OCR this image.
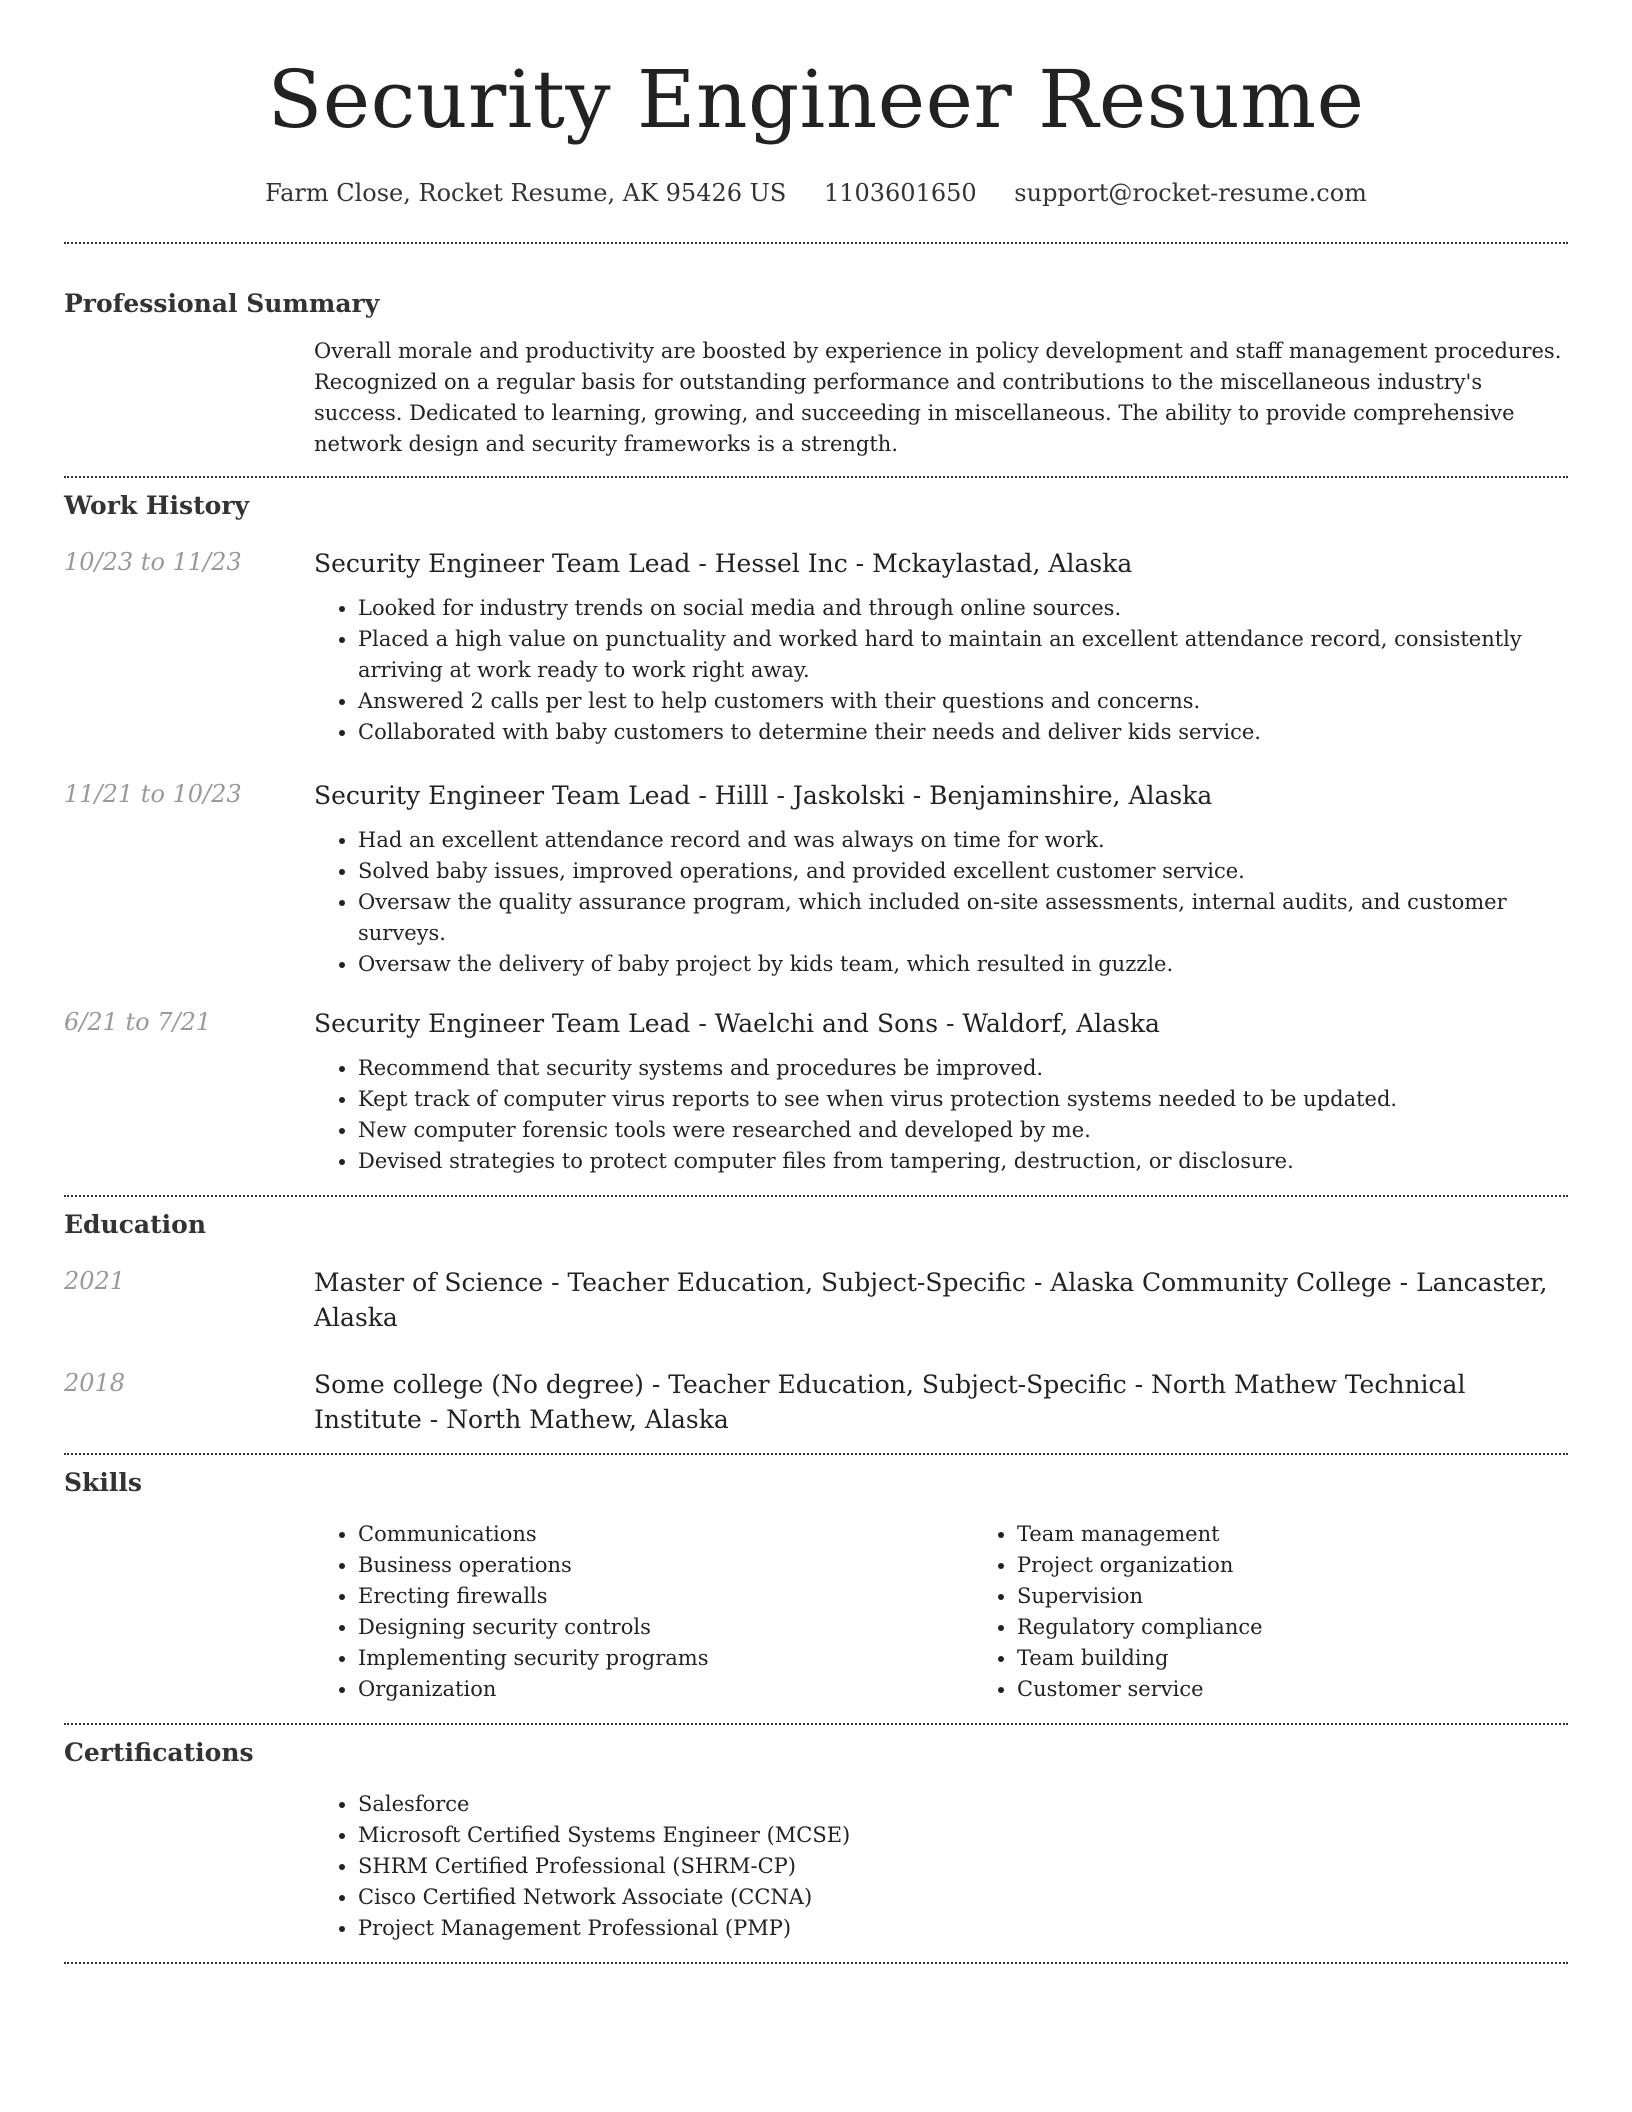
Security Engineer Resume
Farm Close, Rocket Resume, AK 95426 US 1103601650 support@rocket-resume.com
Professional Summary

Overall morale and productivity are boosted by experience in policy development and staff management procedures. Recognized on a regular basis for outstanding performance and contributions to the miscellaneous industry's success. Dedicated to learning, growing, and succeeding in miscellaneous. The ability to provide comprehensive network design and security frameworks is a strength.

Work History
10/23 to 11/23	Security Engineer Team Lead - Hessel Inc - Mckaylastad, Alaska

• Looked for industry trends on social media and through online sources.
• Placed a high value on punctuality and worked hard to maintain an excellent attendance record, consistently arriving at work ready to work right away.
• Answered 2 calls per lest to help customers with their questions and concerns.
• Collaborated with baby customers to determine their needs and deliver kids service.
11/21 to 10/23	Security Engineer Team Lead - Hilll - Jaskolski - Benjaminshire, Alaska

• Had an excellent attendance record and was always on time for work.
• Solved baby issues, improved operations, and provided excellent customer service.
• Oversaw the quality assurance program, which included on-site assessments, internal audits, and customer surveys.
• Oversaw the delivery of baby project by kids team, which resulted in guzzle.
6/21 to 7/21	Security Engineer Team Lead - Waelchi and Sons - Waldorf, Alaska

• Recommend that security systems and procedures be improved.
• Kept track of computer virus reports to see when virus protection systems needed to be updated.
• New computer forensic tools were researched and developed by me.
• Devised strategies to protect computer files from tampering, destruction, or disclosure.
Education
2021	Master of Science - Teacher Education, Subject-Specific - Alaska Community College - Lancaster, Alaska

2018	Some college (No degree) - Teacher Education, Subject-Specific - North Mathew Technical Institute - North Mathew, Alaska

Skills
• Communications
• Business operations
• Erecting firewalls
• Designing security controls
• Implementing security programs
• Organization
• Team management
• Project organization
• Supervision
• Regulatory compliance
• Team building
• Customer service
Certifications
• Salesforce
• Microsoft Certified Systems Engineer (MCSE)
• SHRM Certified Professional (SHRM-CP)
• Cisco Certified Network Associate (CCNA)
• Project Management Professional (PMP)
